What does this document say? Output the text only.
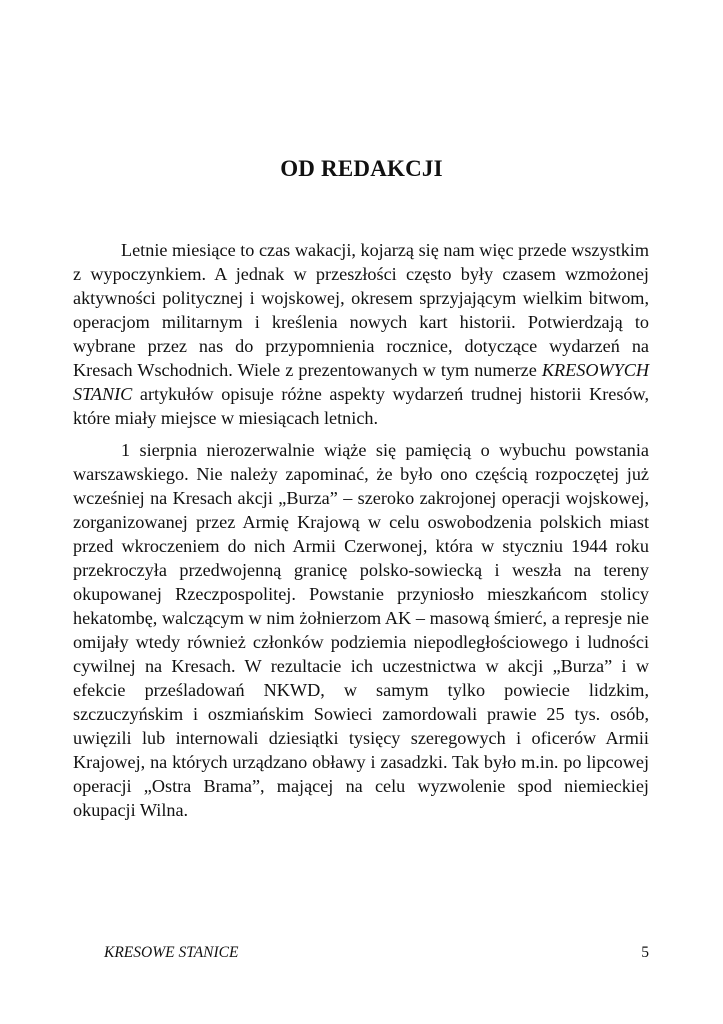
OD REDAKCJI

Letnie miesiące to czas wakacji, kojarzą się nam więc przede wszystkim z wypoczynkiem. A jednak w przeszłości często były czasem wzmożonej aktywności politycznej i wojskowej, okresem sprzyjającym wielkim bitwom, operacjom militarnym i kreślenia nowych kart historii. Potwierdzają to wybrane przez nas do przypomnienia rocznice, dotyczące wydarzeń na Kresach Wschodnich. Wiele z prezentowanych w tym numerze KRESOWYCH STANIC artykułów opisuje różne aspekty wydarzeń trudnej historii Kresów, które miały miejsce w miesiącach letnich.

1 sierpnia nierozerwalnie wiąże się pamięcią o wybuchu powstania warszawskiego. Nie należy zapominać, że było ono częścią rozpoczętej już wcześniej na Kresach akcji „Burza” – szeroko zakrojonej operacji wojskowej, zorganizowanej przez Armię Krajową w celu oswobodzenia polskich miast przed wkroczeniem do nich Armii Czerwonej, która w styczniu 1944 roku przekroczyła przedwojenną granicę polsko-sowiecką i weszła na tereny okupowanej Rzeczpospolitej. Powstanie przyniosło mieszkańcom stolicy hekatombę, walczącym w nim żołnierzom AK – masową śmierć, a represje nie omijały wtedy również członków podziemia niepodległościowego i ludności cywilnej na Kresach. W rezultacie ich uczestnictwa w akcji „Burza” i w efekcie prześladowań NKWD, w samym tylko powiecie lidzkim, szczuczyńskim i oszmiańskim Sowieci zamordowali prawie 25 tys. osób, uwięzili lub internowali dziesiątki tysięcy szeregowych i oficerów Armii Krajowej, na których urządzano obławy i zasadzki. Tak było m.in. po lipcowej operacji „Ostra Brama”, mającej na celu wyzwolenie spod niemieckiej okupacji Wilna.

KRESOWE STANICE	5
